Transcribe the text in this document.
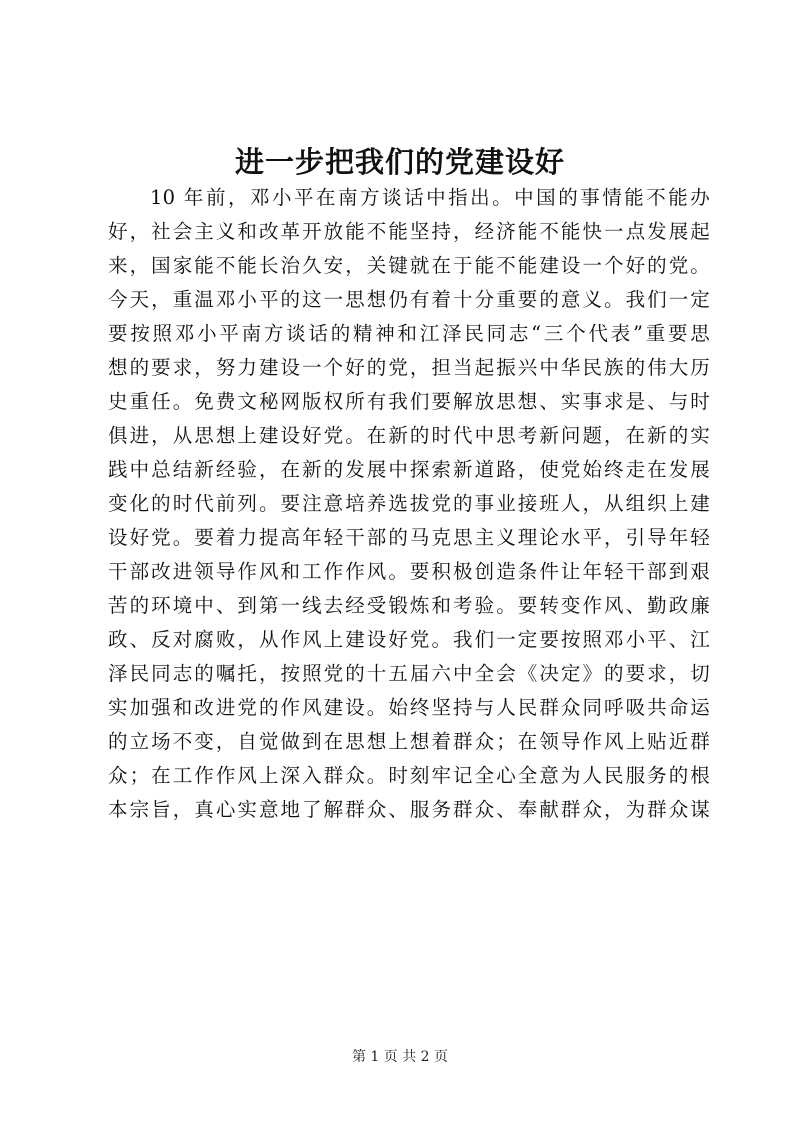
进一步把我们的党建设好
10 年前，邓小平在南方谈话中指出。中国的事情能不能办
好，社会主义和改革开放能不能坚持，经济能不能快一点发展起
来，国家能不能长治久安，关键就在于能不能建设一个好的党。
今天，重温邓小平的这一思想仍有着十分重要的意义。我们一定
要按照邓小平南方谈话的精神和江泽民同志“三个代表”重要思
想的要求，努力建设一个好的党，担当起振兴中华民族的伟大历
史重任。免费文秘网版权所有我们要解放思想、实事求是、与时
俱进，从思想上建设好党。在新的时代中思考新问题，在新的实
践中总结新经验，在新的发展中探索新道路，使党始终走在发展
变化的时代前列。要注意培养选拔党的事业接班人，从组织上建
设好党。要着力提高年轻干部的马克思主义理论水平，引导年轻
干部改进领导作风和工作作风。要积极创造条件让年轻干部到艰
苦的环境中、到第一线去经受锻炼和考验。要转变作风、勤政廉
政、反对腐败，从作风上建设好党。我们一定要按照邓小平、江
泽民同志的嘱托，按照党的十五届六中全会《决定》的要求，切
实加强和改进党的作风建设。始终坚持与人民群众同呼吸共命运
的立场不变，自觉做到在思想上想着群众；在领导作风上贴近群
众；在工作作风上深入群众。时刻牢记全心全意为人民服务的根
本宗旨，真心实意地了解群众、服务群众、奉献群众，为群众谋
第 1 页 共 2 页
